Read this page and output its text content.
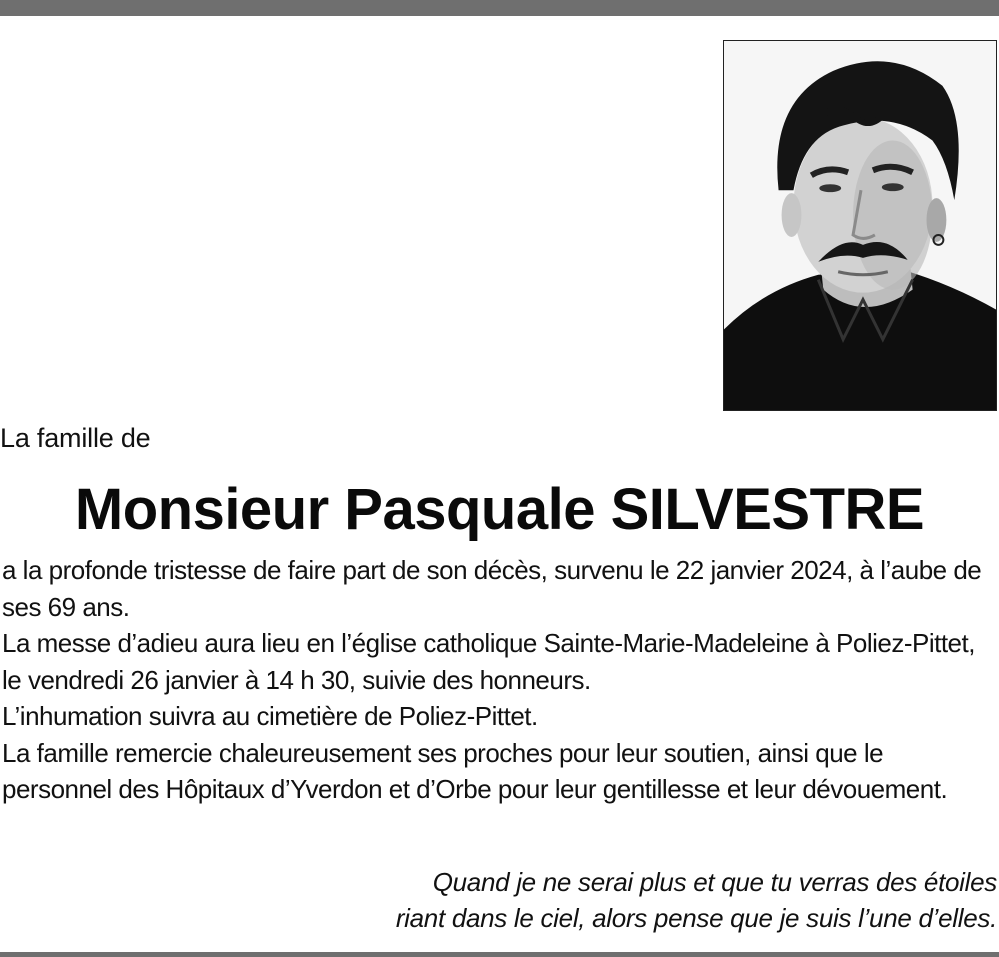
La famille de
Monsieur Pasquale SILVESTRE

a la profonde tristesse de faire part de son décès, survenu le 22 janvier 2024, à l’aube de ses 69 ans.

La messe d’adieu aura lieu en l’église catholique Sainte-Marie-Madeleine à Poliez-Pittet, le vendredi 26 janvier à 14 h 30, suivie des honneurs.

L’inhumation suivra au cimetière de Poliez-Pittet.

La famille remercie chaleureusement ses proches pour leur soutien, ainsi que le personnel des Hôpitaux d’Yverdon et d’Orbe pour leur gentillesse et leur dévouement.

Quand je ne serai plus et que tu verras des étoiles
riant dans le ciel, alors pense que je suis l’une d’elles.
